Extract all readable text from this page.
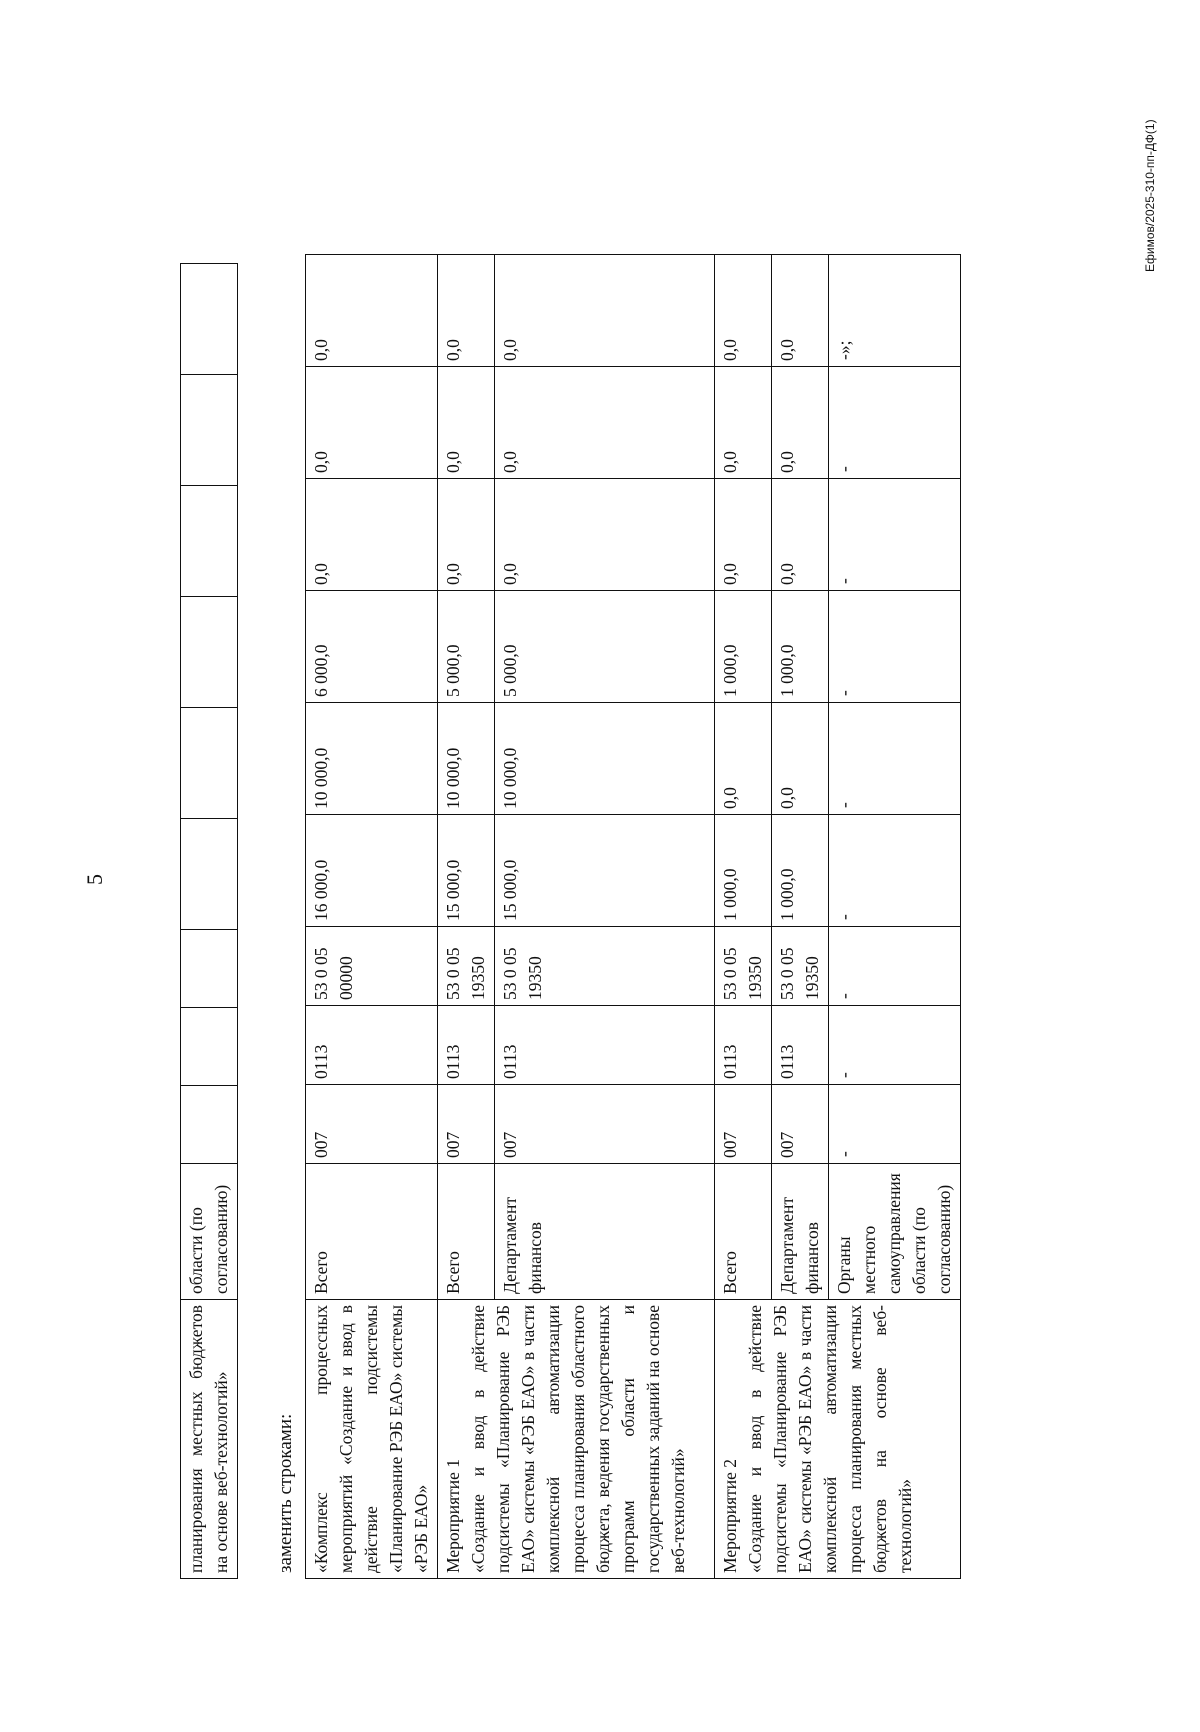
5
планирования местных бюджетов на основе веб-технологий»	области (по согласованию)									
заменить строками: «Комплекс процессных мероприятий «Создание и ввод в действие подсистемы «Планирование РЭБ ЕАО» системы «РЭБ ЕАО»	Всего	007	0113	53 0 05 00000	16 000,0	10 000,0	6 000,0	0,0	0,0	0,0

Мероприятие 1 «Создание и ввод в действие подсистемы «Планирование РЭБ ЕАО» системы «РЭБ ЕАО» в части комплексной автоматизации процесса планирования областного бюджета, ведения государственных программ области и государственных заданий на основе веб-технологий»	Всего	007	0113	53 0 05 19350	15 000,0	10 000,0	5 000,0	0,0	0,0	0,0
	Департамент финансов	007	0113	53 0 05 19350	15 000,0	10 000,0	5 000,0	0,0	0,0	0,0

Мероприятие 2 «Создание и ввод в действие подсистемы «Планирование РЭБ ЕАО» системы «РЭБ ЕАО» в части комплексной автоматизации процесса планирования местных бюджетов на основе веб-технологий»	Всего	007	0113	53 0 05 19350	1 000,0	0,0	1 000,0	0,0	0,0	0,0
	Департамент финансов	007	0113	53 0 05 19350	1 000,0	0,0	1 000,0	0,0	0,0	0,0
	Органы местного самоуправления области (по согласованию)	-	-	-	-	-	-	-	-	-»;
Ефимов/2025-310-пп-ДФ(1)
